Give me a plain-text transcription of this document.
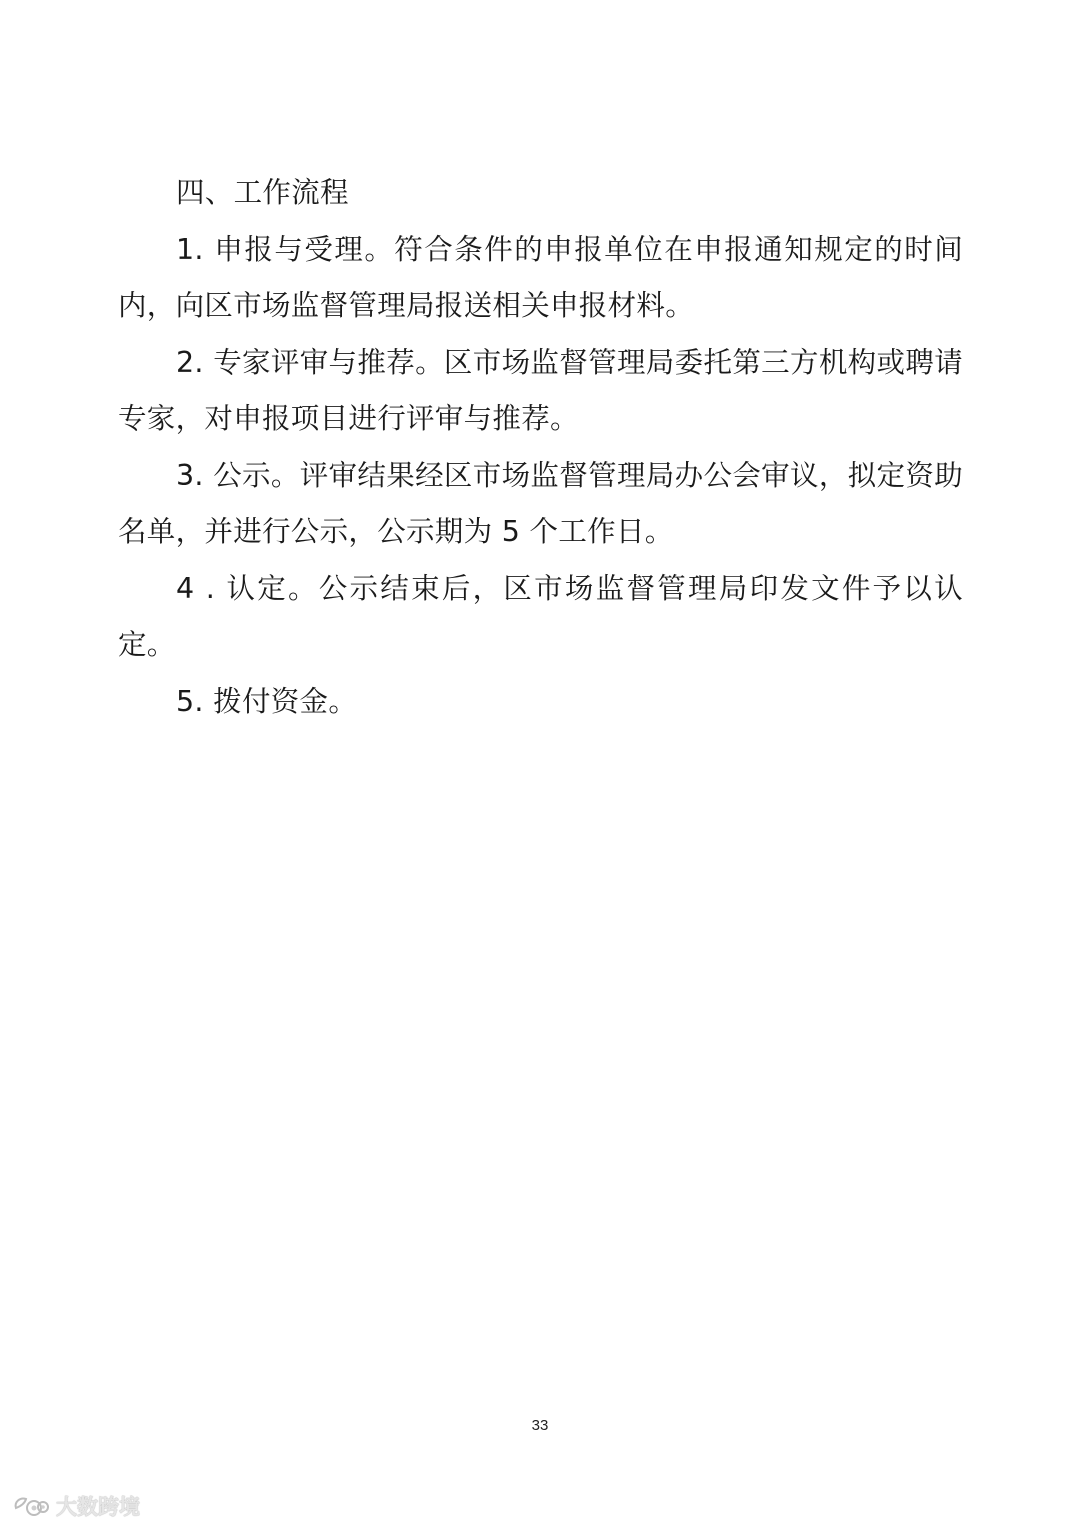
四、工作流程

1. 申报与受理。符合条件的申报单位在申报通知规定的时间内，向区市场监督管理局报送相关申报材料。

2. 专家评审与推荐。区市场监督管理局委托第三方机构或聘请专家，对申报项目进行评审与推荐。

3. 公示。评审结果经区市场监督管理局办公会审议，拟定资助名单，并进行公示，公示期为 5 个工作日。

4 . 认定。公示结束后，区市场监督管理局印发文件予以认定。

5. 拨付资金。

33
大数跨境
